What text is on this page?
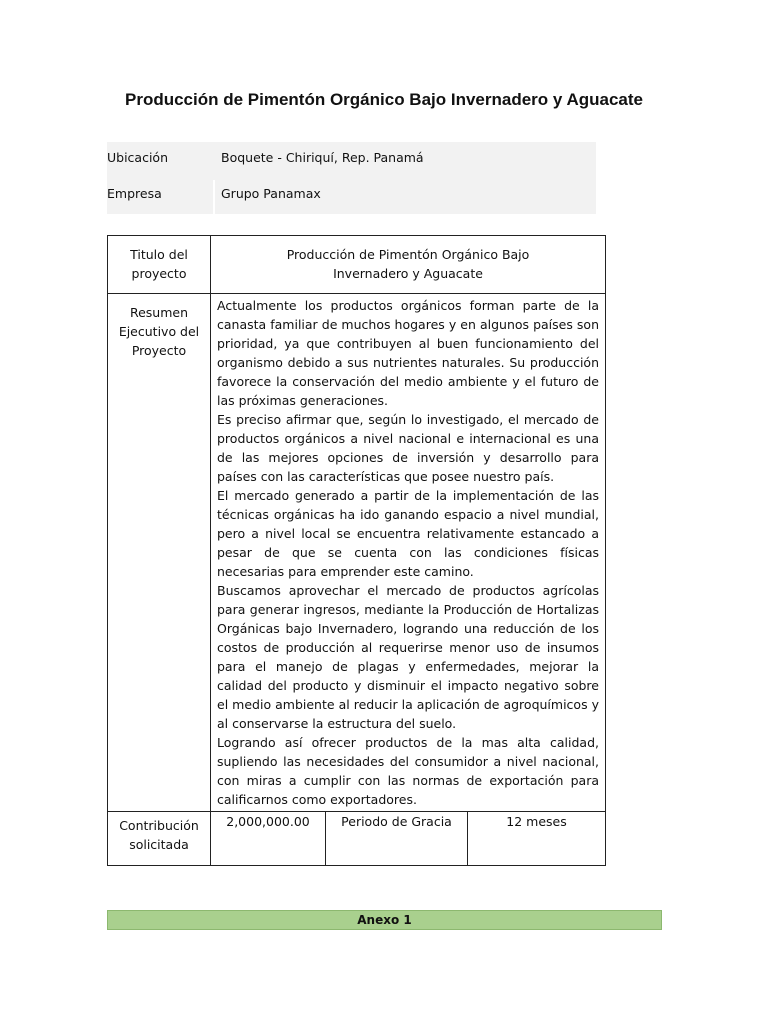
Producción de Pimentón Orgánico Bajo Invernadero y Aguacate
Ubicación	Boquete - Chiriquí, Rep. Panamá
Empresa	Grupo Panamax
Titulo del proyecto	Producción de Pimentón Orgánico Bajo
Invernadero y Aguacate		

Resumen Ejecutivo del Proyecto	Actualmente los productos orgánicos forman parte de la canasta familiar de muchos hogares y en algunos países son prioridad, ya que contribuyen al buen funcionamiento del organismo debido a sus nutrientes naturales. Su producción favorece la conservación del medio ambiente y el futuro de las próximas generaciones.

Es preciso afirmar que, según lo investigado, el mercado de productos orgánicos a nivel nacional e internacional es una de las mejores opciones de inversión y desarrollo para países con las características que posee nuestro país.

El mercado generado a partir de la implementación de las técnicas orgánicas ha ido ganando espacio a nivel mundial, pero a nivel local se encuentra relativamente estancado a pesar de que se cuenta con las condiciones físicas necesarias para emprender este camino.

Buscamos aprovechar el mercado de productos agrícolas para generar ingresos, mediante la Producción de Hortalizas Orgánicas bajo Invernadero, logrando una reducción de los costos de producción al requerirse menor uso de insumos para el manejo de plagas y enfermedades, mejorar la calidad del producto y disminuir el impacto negativo sobre el medio ambiente al reducir la aplicación de agroquímicos y al conservarse la estructura del suelo.

Logrando así ofrecer productos de la mas alta calidad, supliendo las necesidades del consumidor a nivel nacional, con miras a cumplir con las normas de exportación para calificarnos como exportadores.		

Contribución solicitada	2,000,000.00	Periodo de Gracia	12 meses
Anexo 1
